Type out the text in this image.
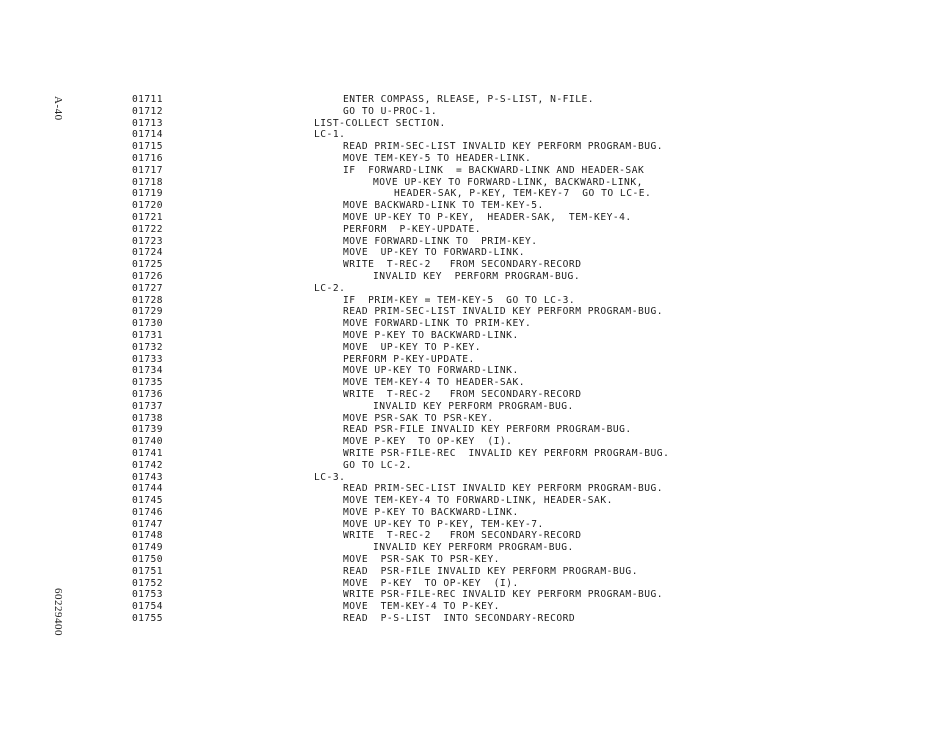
A-40
60229400
01711	ENTER COMPASS, RLEASE, P-S-LIST, N-FILE.
01712	GO TO U-PROC-1.
01713	LIST-COLLECT SECTION.
01714	LC-1.
01715	READ PRIM-SEC-LIST INVALID KEY PERFORM PROGRAM-BUG.
01716	MOVE TEM-KEY-5 TO HEADER-LINK.
01717	IF  FORWARD-LINK  = BACKWARD-LINK AND HEADER-SAK
01718	MOVE UP-KEY TO FORWARD-LINK, BACKWARD-LINK,
01719	HEADER-SAK, P-KEY, TEM-KEY-7  GO TO LC-E.
01720	MOVE BACKWARD-LINK TO TEM-KEY-5.
01721	MOVE UP-KEY TO P-KEY,  HEADER-SAK,  TEM-KEY-4.
01722	PERFORM  P-KEY-UPDATE.
01723	MOVE FORWARD-LINK TO  PRIM-KEY.
01724	MOVE  UP-KEY TO FORWARD-LINK.
01725	WRITE  T-REC-2   FROM SECONDARY-RECORD
01726	INVALID KEY  PERFORM PROGRAM-BUG.
01727	LC-2.
01728	IF  PRIM-KEY = TEM-KEY-5  GO TO LC-3.
01729	READ PRIM-SEC-LIST INVALID KEY PERFORM PROGRAM-BUG.
01730	MOVE FORWARD-LINK TO PRIM-KEY.
01731	MOVE P-KEY TO BACKWARD-LINK.
01732	MOVE  UP-KEY TO P-KEY.
01733	PERFORM P-KEY-UPDATE.
01734	MOVE UP-KEY TO FORWARD-LINK.
01735	MOVE TEM-KEY-4 TO HEADER-SAK.
01736	WRITE  T-REC-2   FROM SECONDARY-RECORD
01737	INVALID KEY PERFORM PROGRAM-BUG.
01738	MOVE PSR-SAK TO PSR-KEY.
01739	READ PSR-FILE INVALID KEY PERFORM PROGRAM-BUG.
01740	MOVE P-KEY  TO OP-KEY  (I).
01741	WRITE PSR-FILE-REC  INVALID KEY PERFORM PROGRAM-BUG.
01742	GO TO LC-2.
01743	LC-3.
01744	READ PRIM-SEC-LIST INVALID KEY PERFORM PROGRAM-BUG.
01745	MOVE TEM-KEY-4 TO FORWARD-LINK, HEADER-SAK.
01746	MOVE P-KEY TO BACKWARD-LINK.
01747	MOVE UP-KEY TO P-KEY, TEM-KEY-7.
01748	WRITE  T-REC-2   FROM SECONDARY-RECORD
01749	INVALID KEY PERFORM PROGRAM-BUG.
01750	MOVE  PSR-SAK TO PSR-KEY.
01751	READ  PSR-FILE INVALID KEY PERFORM PROGRAM-BUG.
01752	MOVE  P-KEY  TO OP-KEY  (I).
01753	WRITE PSR-FILE-REC INVALID KEY PERFORM PROGRAM-BUG.
01754	MOVE  TEM-KEY-4 TO P-KEY.
01755	READ  P-S-LIST  INTO SECONDARY-RECORD
